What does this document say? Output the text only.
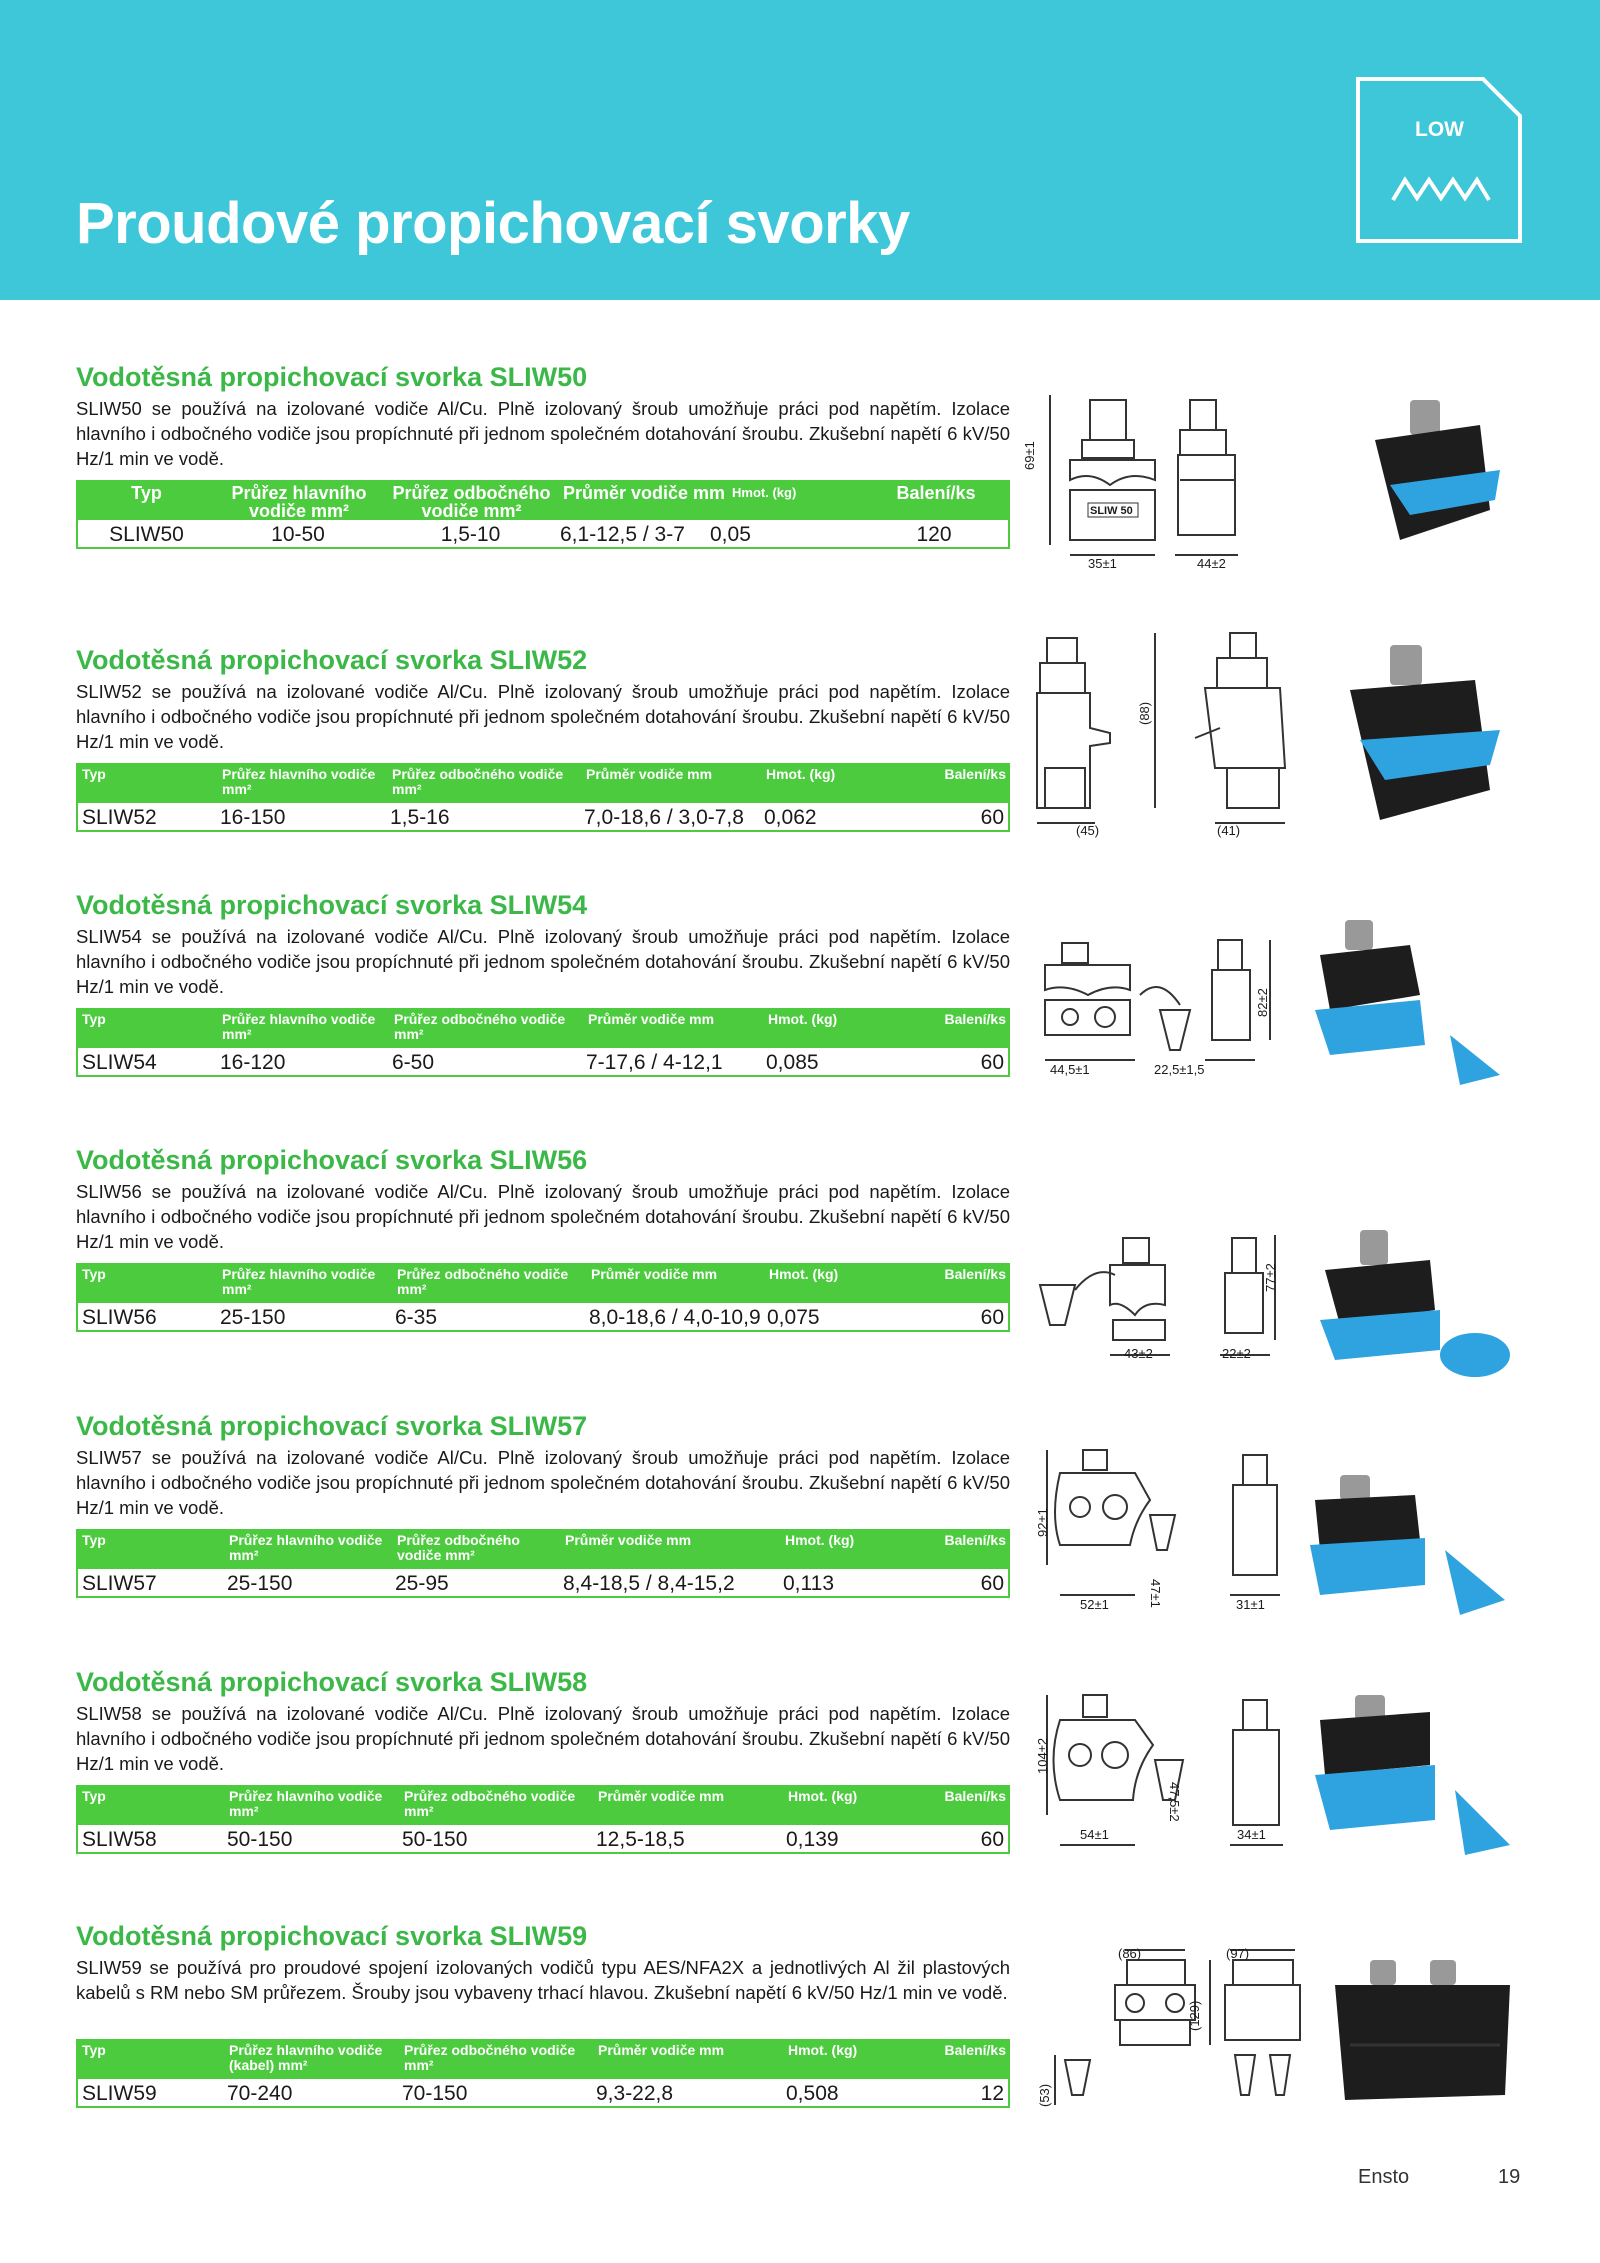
Proudové propichovací svorky
LOW
Vodotěsná propichovací svorka SLIW50

SLIW50 se používá na izolované vodiče Al/Cu. Plně izolovaný šroub umožňuje práci pod napětím. Izolace hlavního i odbočného vodiče jsou propíchnuté při jednom společném dotahování šroubu. Zkušební napětí 6 kV/50 Hz/1 min ve vodě.

Typ	Průřez hlavního vodiče mm²
Průřez odbočného vodiče mm²
Průměr vodiče mm Hmot. (kg)	Balení/ks
SLIW50	10-50	1,5-10	6,1-12,5 / 3-7	0,05	120
SLIW 50
69±1
35±1	44±2
Vodotěsná propichovací svorka SLIW52

SLIW52 se používá na izolované vodiče Al/Cu. Plně izolovaný šroub umožňuje práci pod napětím. Izolace hlavního i odbočného vodiče jsou propíchnuté při jednom společném dotahování šroubu. Zkušební napětí 6 kV/50 Hz/1 min ve vodě.

Typ	Průřez hlavního vodiče mm²
Průřez odbočného vodiče mm²
Průměr vodiče mm	Hmot. (kg)	Balení/ks
SLIW52	16-150	1,5-16	7,0-18,6 / 3,0-7,8 0,062	60
(88)
(45)	(41)
Vodotěsná propichovací svorka SLIW54

SLIW54 se používá na izolované vodiče Al/Cu. Plně izolovaný šroub umožňuje práci pod napětím. Izolace hlavního i odbočného vodiče jsou propíchnuté při jednom společném dotahování šroubu. Zkušební napětí 6 kV/50 Hz/1 min ve vodě.

Typ	Průřez hlavního vodiče mm²
Průřez odbočného vodiče mm²
Průměr vodiče mm	Hmot. (kg)	Balení/ks
SLIW54	16-120	6-50	7-17,6 / 4-12,1	0,085	60
82±2
44,5±1	22,5±1,5
Vodotěsná propichovací svorka SLIW56

SLIW56 se používá na izolované vodiče Al/Cu. Plně izolovaný šroub umožňuje práci pod napětím. Izolace hlavního i odbočného vodiče jsou propíchnuté při jednom společném dotahování šroubu. Zkušební napětí 6 kV/50 Hz/1 min ve vodě.

Typ	Průřez hlavního vodiče mm²
Průřez odbočného vodiče mm²
Průměr vodiče mm	Hmot. (kg)	Balení/ks
SLIW56	25-150	6-35	8,0-18,6 / 4,0-10,9 0,075	60
77±2
43±2	22±2
Vodotěsná propichovací svorka SLIW57

SLIW57 se používá na izolované vodiče Al/Cu. Plně izolovaný šroub umožňuje práci pod napětím. Izolace hlavního i odbočného vodiče jsou propíchnuté při jednom společném dotahování šroubu. Zkušební napětí 6 kV/50 Hz/1 min ve vodě.

Typ	Průřez hlavního vodiče mm²
Průřez odbočného vodiče mm²
Průměr vodiče mm	Hmot. (kg)	Balení/ks
SLIW57	25-150	25-95	8,4-18,5 / 8,4-15,2	0,113	60
92±1
47±1
52±1	31±1
Vodotěsná propichovací svorka SLIW58

SLIW58 se používá na izolované vodiče Al/Cu. Plně izolovaný šroub umožňuje práci pod napětím. Izolace hlavního i odbočného vodiče jsou propíchnuté při jednom společném dotahování šroubu. Zkušební napětí 6 kV/50 Hz/1 min ve vodě.

Typ	Průřez hlavního vodiče mm²
Průřez odbočného vodiče mm²
Průměr vodiče mm	Hmot. (kg)	Balení/ks
SLIW58	50-150	50-150	12,5-18,5	0,139	60
104±2
47,5±2
54±1	34±1
Vodotěsná propichovací svorka SLIW59

SLIW59 se používá pro proudové spojení izolovaných vodičů typu AES/NFA2X a jednotlivých Al žil plastových kabelů s RM nebo SM průřezem. Šrouby jsou vybaveny trhací hlavou. Zkušební napětí 6 kV/50 Hz/1 min ve vodě.

Typ	Průřez hlavního vodiče (kabel) mm²
Průřez odbočného vodiče mm²
Průměr vodiče mm	Hmot. (kg)	Balení/ks
SLIW59	70-240	70-150	9,3-22,8	0,508	12
(86)	(97)
(129)
(53)
Ensto	19
